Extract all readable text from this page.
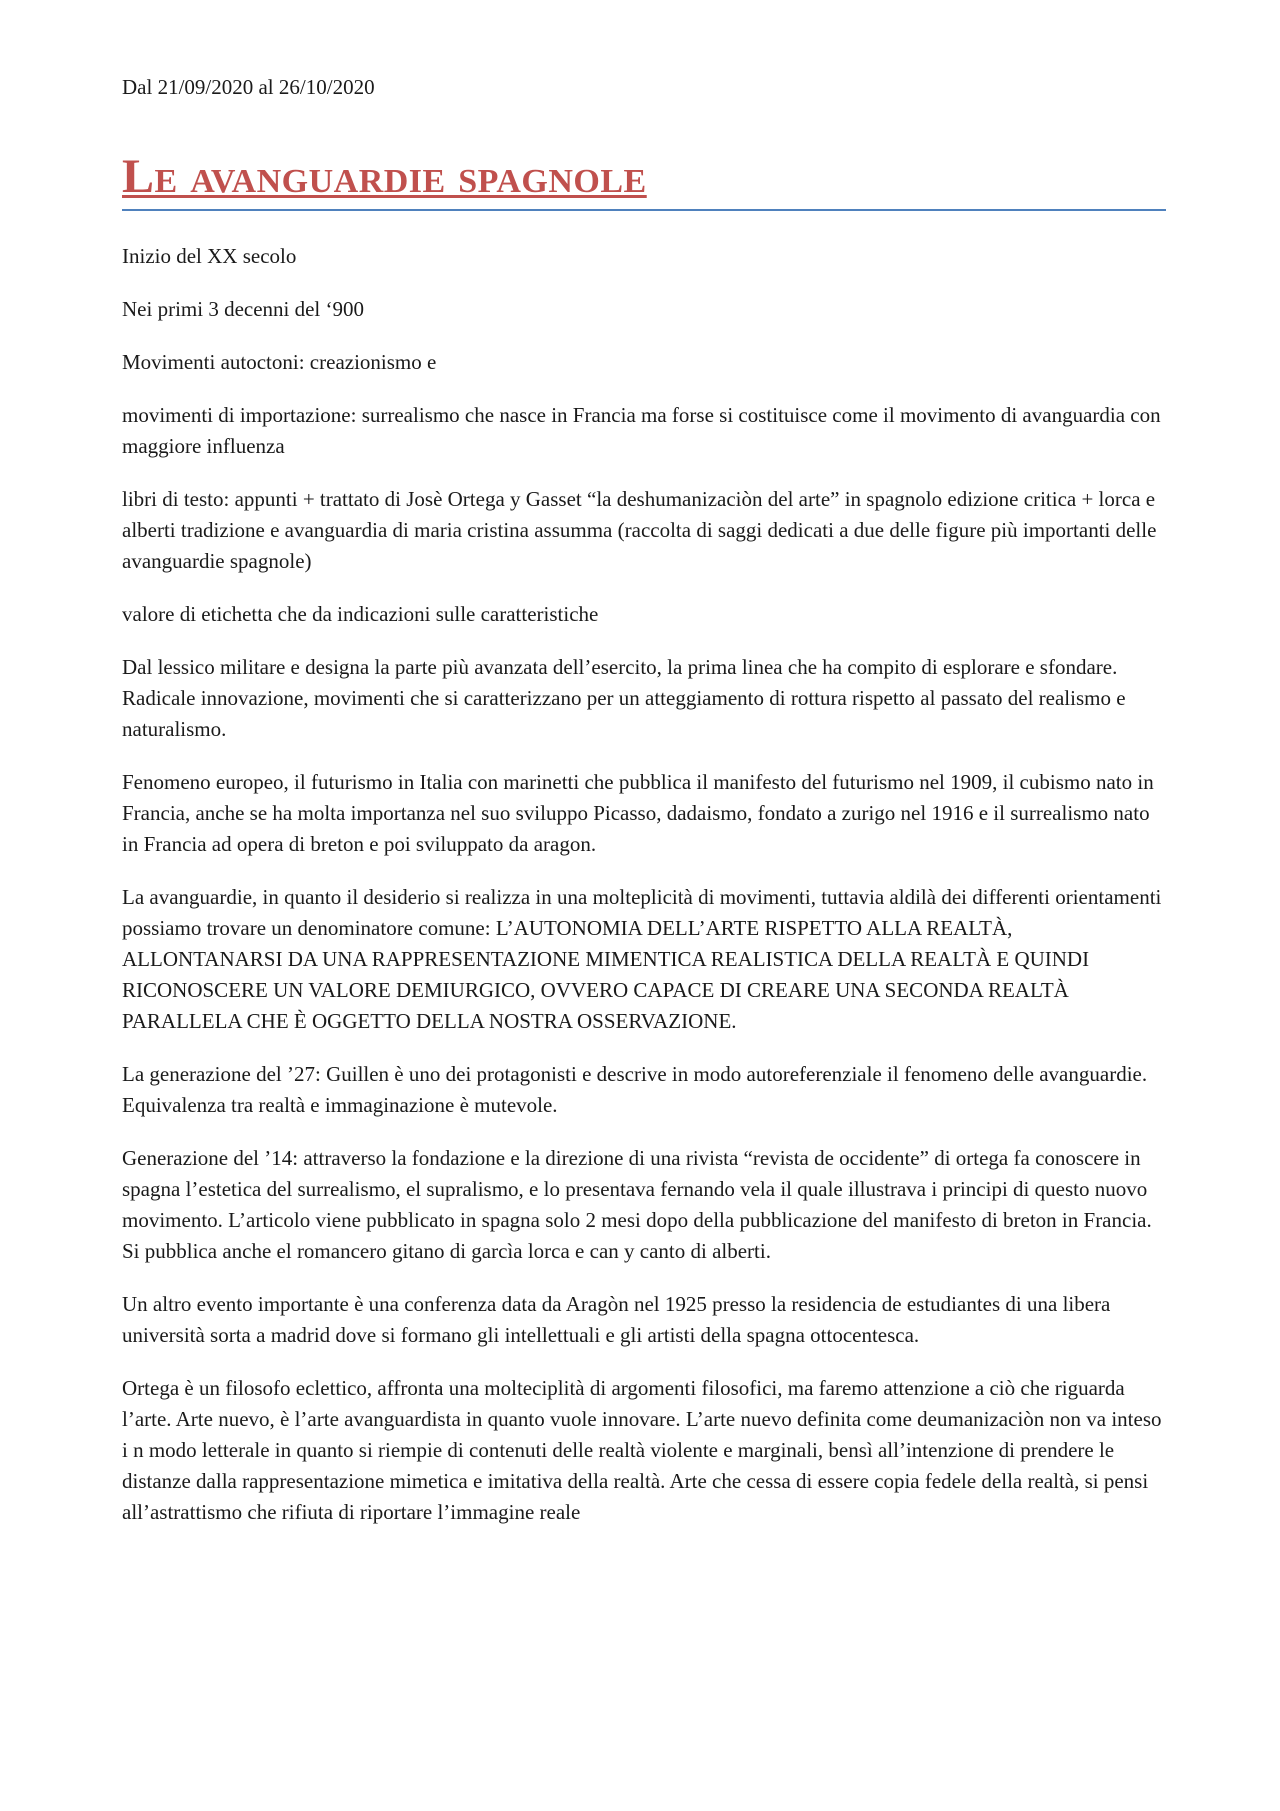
Dal 21/09/2020 al 26/10/2020
Le avanguardie spagnole

Inizio del XX secolo

Nei primi 3 decenni del ‘900

Movimenti autoctoni: creazionismo e

movimenti di importazione: surrealismo che nasce in Francia ma forse si costituisce come il movimento di avanguardia con maggiore influenza

libri di testo: appunti + trattato di Josè Ortega y Gasset “la deshumanizaciòn del arte” in spagnolo edizione critica + lorca e alberti tradizione e avanguardia di maria cristina assumma (raccolta di saggi dedicati a due delle figure più importanti delle avanguardie spagnole)

valore di etichetta che da indicazioni sulle caratteristiche

Dal lessico militare e designa la parte più avanzata dell’esercito, la prima linea che ha compito di esplorare e sfondare. Radicale innovazione, movimenti che si caratterizzano per un atteggiamento di rottura rispetto al passato del realismo e naturalismo.

Fenomeno europeo, il futurismo in Italia con marinetti che pubblica il manifesto del futurismo nel 1909, il cubismo nato in Francia, anche se ha molta importanza nel suo sviluppo Picasso, dadaismo, fondato a zurigo nel 1916 e il surrealismo nato in Francia ad opera di breton e poi sviluppato da aragon.

La avanguardie, in quanto il desiderio si realizza in una molteplicità di movimenti, tuttavia aldilà dei differenti orientamenti possiamo trovare un denominatore comune: L’AUTONOMIA DELL’ARTE RISPETTO ALLA REALTÀ, ALLONTANARSI DA UNA RAPPRESENTAZIONE MIMENTICA REALISTICA DELLA REALTÀ E QUINDI RICONOSCERE UN VALORE DEMIURGICO, OVVERO CAPACE DI CREARE UNA SECONDA REALTÀ PARALLELA CHE È OGGETTO DELLA NOSTRA OSSERVAZIONE.

La generazione del ’27: Guillen è uno dei protagonisti e descrive in modo autoreferenziale il fenomeno delle avanguardie. Equivalenza tra realtà e immaginazione è mutevole.

Generazione del ’14: attraverso la fondazione e la direzione di una rivista “revista de occidente” di ortega fa conoscere in spagna l’estetica del surrealismo, el supralismo, e lo presentava fernando vela il quale illustrava i principi di questo nuovo movimento. L’articolo viene pubblicato in spagna solo 2 mesi dopo della pubblicazione del manifesto di breton in Francia. Si pubblica anche el romancero gitano di garcìa lorca e can y canto di alberti.

Un altro evento importante è una conferenza data da Aragòn nel 1925 presso la residencia de estudiantes di una libera università sorta a madrid dove si formano gli intellettuali e gli artisti della spagna ottocentesca.

Ortega è un filosofo eclettico, affronta una molteciplità di argomenti filosofici, ma faremo attenzione a ciò che riguarda l’arte. Arte nuevo, è l’arte avanguardista in quanto vuole innovare. L’arte nuevo definita come deumanizaciòn non va inteso i n modo letterale in quanto si riempie di contenuti delle realtà violente e marginali, bensì all’intenzione di prendere le distanze dalla rappresentazione mimetica e imitativa della realtà. Arte che cessa di essere copia fedele della realtà, si pensi all’astrattismo che rifiuta di riportare l’immagine reale
